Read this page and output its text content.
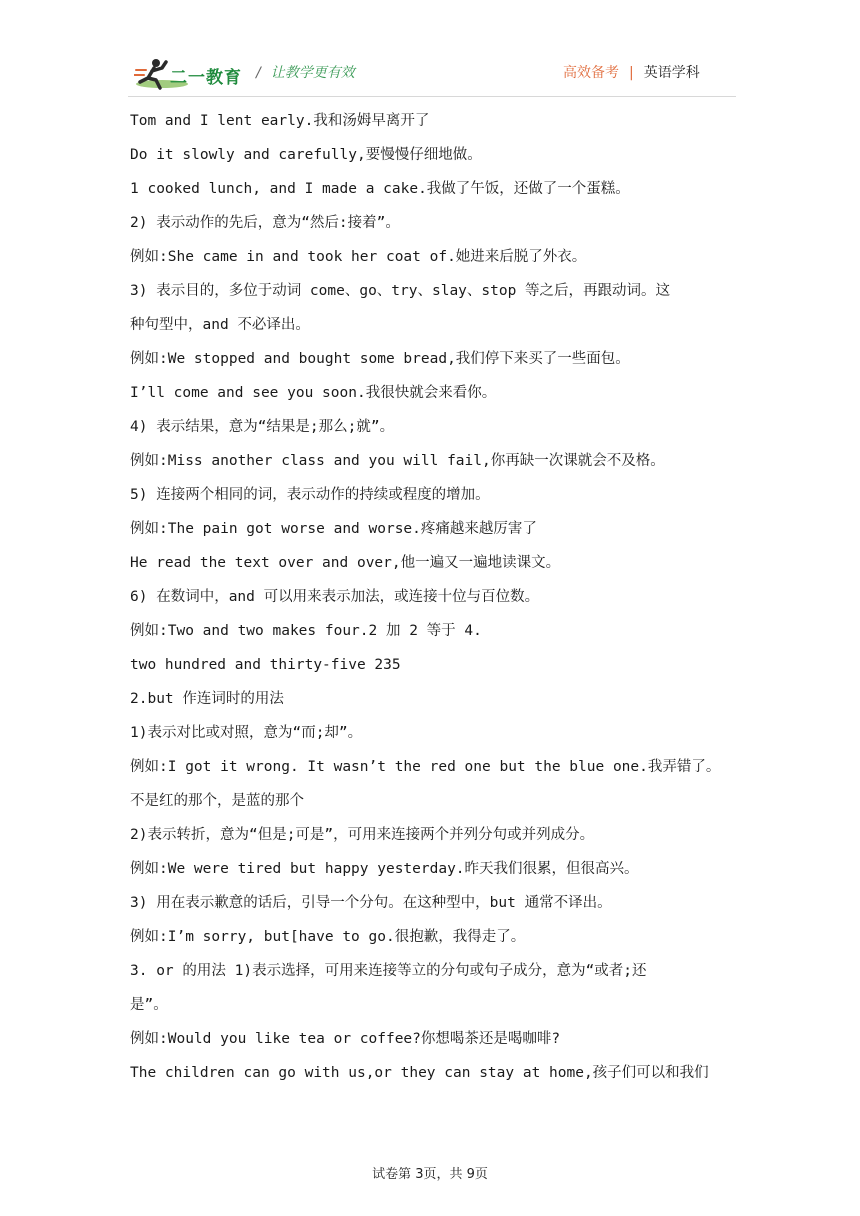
二一教育 / 让教学更有效	高效备考 | 英语学科
Tom and I lent early.我和汤姆早离开了
Do it slowly and carefully,要慢慢仔细地做。
1 cooked lunch, and I made a cake.我做了午饭，还做了一个蛋糕。
2) 表示动作的先后，意为“然后:接着”。
例如:She came in and took her coat of.她进来后脱了外衣。
3) 表示目的，多位于动词 come、go、try、slay、stop 等之后，再跟动词。这
种句型中，and 不必译出。
例如:We stopped and bought some bread,我们停下来买了一些面包。
I’ll come and see you soon.我很快就会来看你。
4) 表示结果，意为“结果是;那么;就”。
例如:Miss another class and you will fail,你再缺一次课就会不及格。
5) 连接两个相同的词，表示动作的持续或程度的增加。
例如:The pain got worse and worse.疼痛越来越厉害了
He read the text over and over,他一遍又一遍地读课文。
6) 在数词中，and 可以用来表示加法，或连接十位与百位数。
例如:Two and two makes four.2 加 2 等于 4.
two hundred and thirty-five 235
2.but 作连词时的用法
1)表示对比或对照，意为“而;却”。
例如:I got it wrong. It wasn’t the red one but the blue one.我弄错了。
不是红的那个，是蓝的那个
2)表示转折，意为“但是;可是”，可用来连接两个并列分句或并列成分。
例如:We were tired but happy yesterday.昨天我们很累，但很高兴。
3) 用在表示歉意的话后，引导一个分句。在这种型中，but 通常不译出。
例如:I’m sorry, but[have to go.很抱歉，我得走了。
3. or 的用法 1)表示选择，可用来连接等立的分句或句子成分，意为“或者;还
是”。
例如:Would you like tea or coffee?你想喝茶还是喝咖啡?
The children can go with us,or they can stay at home,孩子们可以和我们
试卷第 3页，共 9页
